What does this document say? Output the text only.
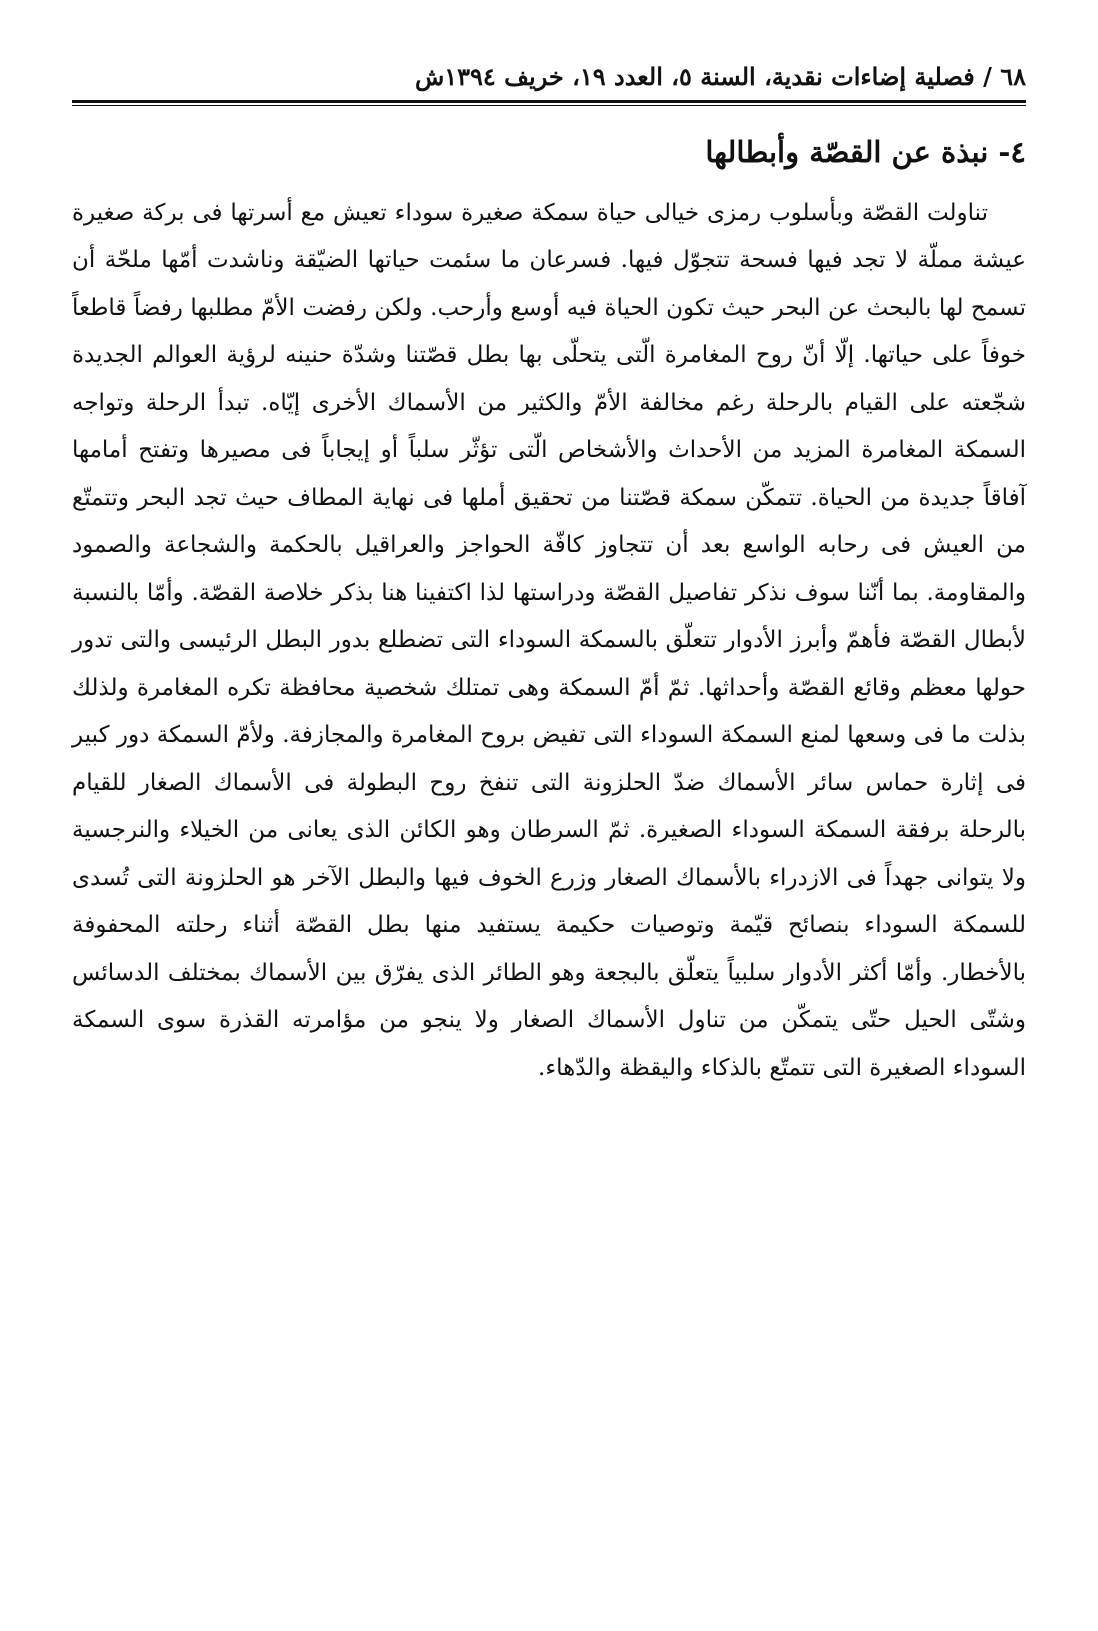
٦٨ / فصلية إضاءات نقدية، السنة ٥، العدد ١٩، خريف ١٣٩٤ش
٤- نبذة عن القصّة وأبطالها

تناولت القصّة وبأسلوب رمزى خيالى حياة سمكة صغيرة سوداء تعيش مع أسرتها فى بركة صغيرة عيشة مملّة لا تجد فيها فسحة تتجوّل فيها. فسرعان ما سئمت حياتها الضيّقة وناشدت أمّها ملحّة أن تسمح لها بالبحث عن البحر حيث تكون الحياة فيه أوسع وأرحب. ولكن رفضت الأمّ مطلبها رفضاً قاطعاً خوفاً على حياتها. إلّا أنّ روح المغامرة الّتى يتحلّى بها بطل قصّتنا وشدّة حنينه لرؤية العوالم الجديدة شجّعته على القيام بالرحلة رغم مخالفة الأمّ والكثير من الأسماك الأخرى إيّاه. تبدأ الرحلة وتواجه السمكة المغامرة المزيد من الأحداث والأشخاص الّتى تؤثّر سلباً أو إيجاباً فى مصيرها وتفتح أمامها آفاقاً جديدة من الحياة. تتمكّن سمكة قصّتنا من تحقيق أملها فى نهاية المطاف حيث تجد البحر وتتمتّع من العيش فى رحابه الواسع بعد أن تتجاوز كافّة الحواجز والعراقيل بالحكمة والشجاعة والصمود والمقاومة. بما أنّنا سوف نذكر تفاصيل القصّة ودراستها لذا اكتفينا هنا بذكر خلاصة القصّة. وأمّا بالنسبة لأبطال القصّة فأهمّ وأبرز الأدوار تتعلّق بالسمكة السوداء التى تضطلع بدور البطل الرئيسى والتى تدور حولها معظم وقائع القصّة وأحداثها. ثمّ أمّ السمكة وهى تمتلك شخصية محافظة تكره المغامرة ولذلك بذلت ما فى وسعها لمنع السمكة السوداء التى تفيض بروح المغامرة والمجازفة. ولأمّ السمكة دور كبير فى إثارة حماس سائر الأسماك ضدّ الحلزونة التى تنفخ روح البطولة فى الأسماك الصغار للقيام بالرحلة برفقة السمكة السوداء الصغيرة. ثمّ السرطان وهو الكائن الذى يعانى من الخيلاء والنرجسية ولا يتوانى جهداً فى الازدراء بالأسماك الصغار وزرع الخوف فيها والبطل الآخر هو الحلزونة التى تُسدى للسمكة السوداء بنصائح قيّمة وتوصيات حكيمة يستفيد منها بطل القصّة أثناء رحلته المحفوفة بالأخطار. وأمّا أكثر الأدوار سلبياً يتعلّق بالبجعة وهو الطائر الذى يفرّق بين الأسماك بمختلف الدسائس وشتّى الحيل حتّى يتمكّن من تناول الأسماك الصغار ولا ينجو من مؤامرته القذرة سوى السمكة السوداء الصغيرة التى تتمتّع بالذكاء واليقظة والدّهاء.
